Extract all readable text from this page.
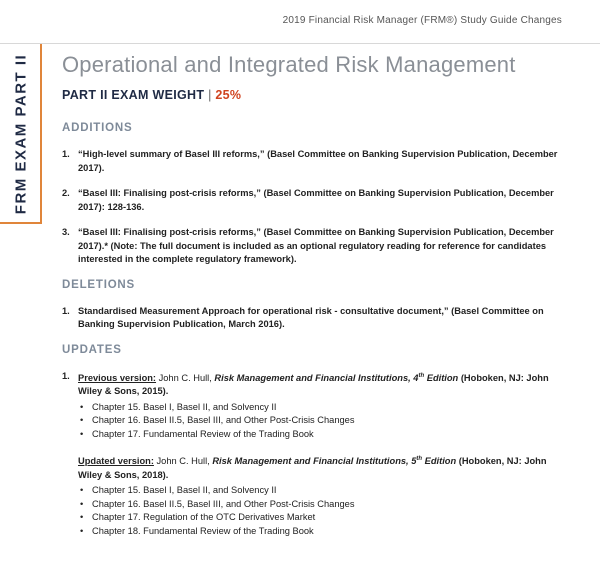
2019 Financial Risk Manager (FRM®) Study Guide Changes
FRM EXAM PART II Operational and Integrated Risk Management
PART II EXAM WEIGHT | 25%
ADDITIONS
1. “High-level summary of Basel III reforms,” (Basel Committee on Banking Supervision Publication, December 2017).
2. “Basel III: Finalising post-crisis reforms,” (Basel Committee on Banking Supervision Publication, December 2017): 128-136.
3. “Basel III: Finalising post-crisis reforms,” (Basel Committee on Banking Supervision Publication, December 2017).* (Note: The full document is included as an optional regulatory reading for reference for candidates interested in the complete regulatory framework).
DELETIONS
1. Standardised Measurement Approach for operational risk - consultative document,” (Basel Committee on Banking Supervision Publication, March 2016).
UPDATES
1. Previous version: John C. Hull, Risk Management and Financial Institutions, 4th Edition (Hoboken, NJ: John Wiley & Sons, 2015).
• Chapter 15. Basel I, Basel II, and Solvency II
• Chapter 16. Basel II.5, Basel III, and Other Post-Crisis Changes
• Chapter 17. Fundamental Review of the Trading Book
Updated version: John C. Hull, Risk Management and Financial Institutions, 5th Edition (Hoboken, NJ: John Wiley & Sons, 2018).
• Chapter 15. Basel I, Basel II, and Solvency II
• Chapter 16. Basel II.5, Basel III, and Other Post-Crisis Changes
• Chapter 17. Regulation of the OTC Derivatives Market
• Chapter 18. Fundamental Review of the Trading Book
